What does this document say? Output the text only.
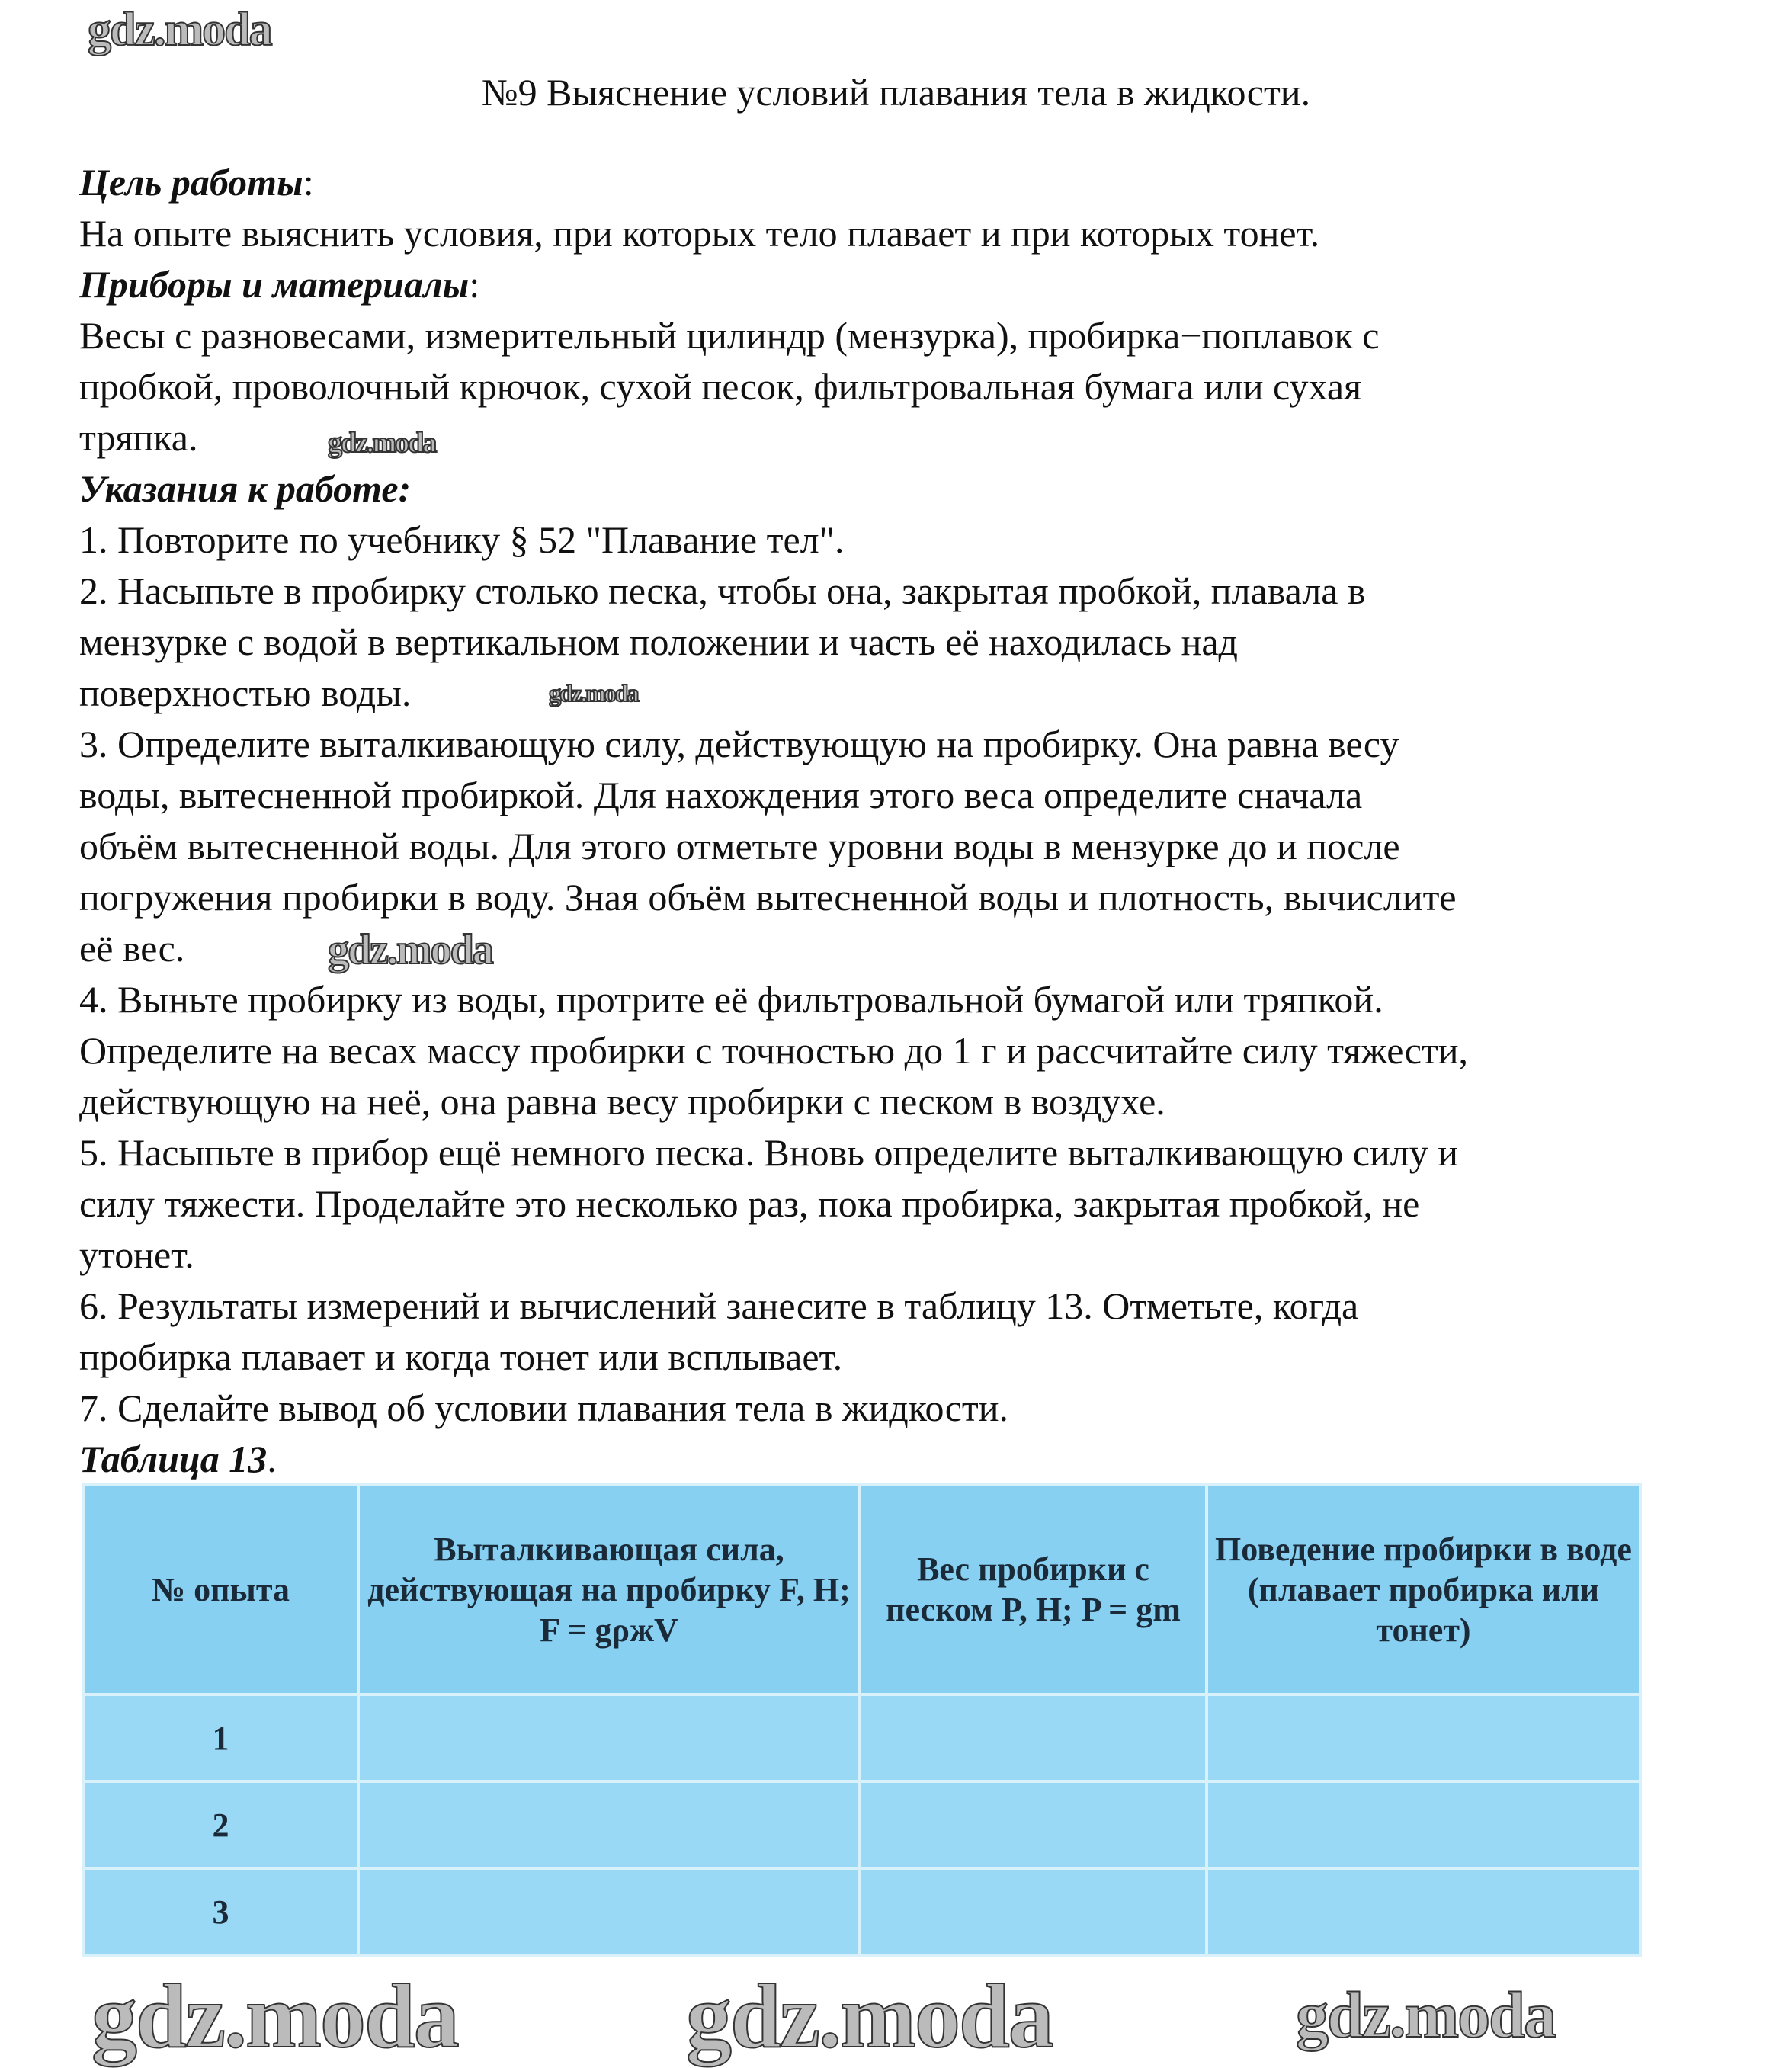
№9 Выяснение условий плавания тела в жидкости.
Цель работы:
На опыте выяснить условия, при которых тело плавает и при которых тонет.
Приборы и материалы:
Весы с разновесами, измерительный цилиндр (мензурка), пробирка−поплавок с
пробкой, проволочный крючок, сухой песок, фильтровальная бумага или сухая
тряпка.
Указания к работе:
1. Повторите по учебнику § 52 "Плавание тел".
2. Насыпьте в пробирку столько песка, чтобы она, закрытая пробкой, плавала в
мензурке с водой в вертикальном положении и часть её находилась над
поверхностью воды.
3. Определите выталкивающую силу, действующую на пробирку. Она равна весу
воды, вытесненной пробиркой. Для нахождения этого веса определите сначала
объём вытесненной воды. Для этого отметьте уровни воды в мензурке до и после
погружения пробирки в воду. Зная объём вытесненной воды и плотность, вычислите
её вес.
4. Выньте пробирку из воды, протрите её фильтровальной бумагой или тряпкой.
Определите на весах массу пробирки с точностью до 1 г и рассчитайте силу тяжести,
действующую на неё, она равна весу пробирки с песком в воздухе.
5. Насыпьте в прибор ещё немного песка. Вновь определите выталкивающую силу и
силу тяжести. Проделайте это несколько раз, пока пробирка, закрытая пробкой, не
утонет.
6. Результаты измерений и вычислений занесите в таблицу 13. Отметьте, когда
пробирка плавает и когда тонет или всплывает.
7. Сделайте вывод об условии плавания тела в жидкости.
Таблица 13.
№ опыта	Выталкивающая сила, действующая на пробирку F, Н; F = gρжV	Вес пробирки с песком P, Н; P = gm	Поведение пробирки в воде (плавает пробирка или тонет)
1			
2			
3			
gdz.moda
gdz.moda
gdz.moda
gdz.moda
gdz.moda
gdz.moda	gdz.moda
